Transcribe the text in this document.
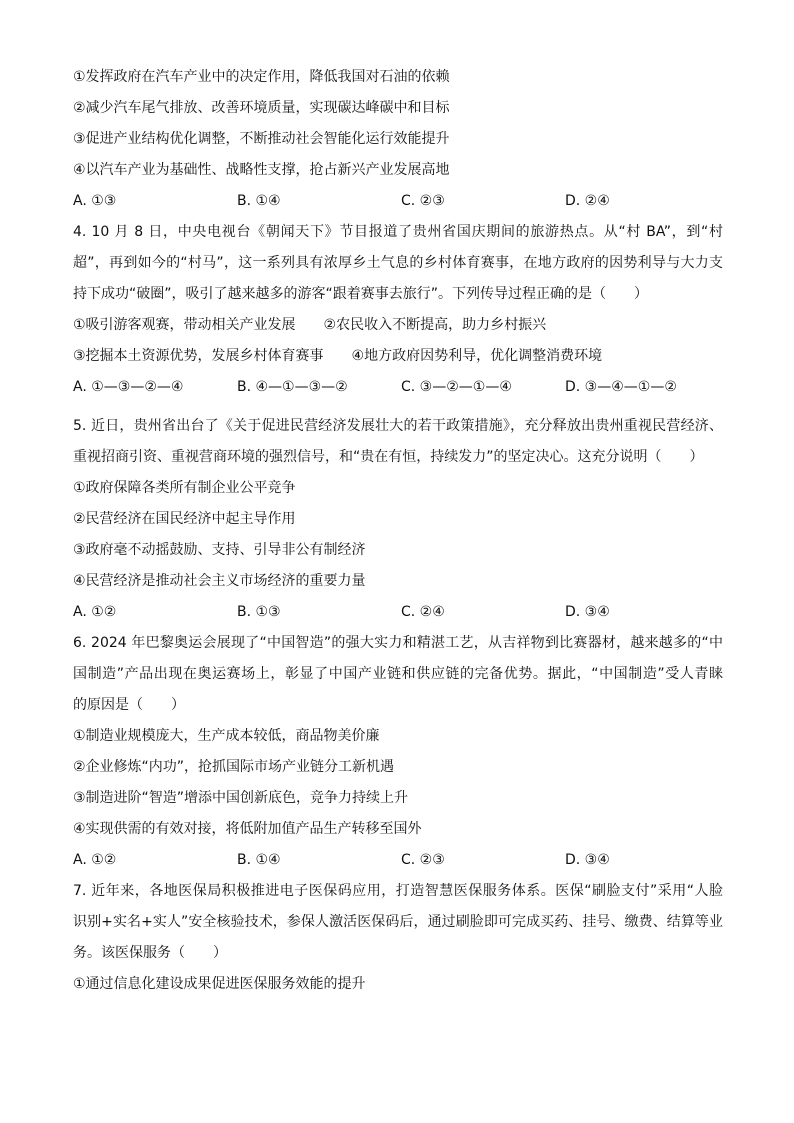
①发挥政府在汽车产业中的决定作用，降低我国对石油的依赖
②减少汽车尾气排放、改善环境质量，实现碳达峰碳中和目标
③促进产业结构优化调整，不断推动社会智能化运行效能提升
④以汽车产业为基础性、战略性支撑，抢占新兴产业发展高地
A. ①③	B. ①④	C. ②③	D. ②④
4. 10 月 8 日，中央电视台《朝闻天下》节目报道了贵州省国庆期间的旅游热点。从“村 BA”，到“村
超”，再到如今的“村马”，这一系列具有浓厚乡土气息的乡村体育赛事，在地方政府的因势利导与大力支
持下成功“破圈”，吸引了越来越多的游客“跟着赛事去旅行”。下列传导过程正确的是（　　）
①吸引游客观赛，带动相关产业发展　　②农民收入不断提高，助力乡村振兴
③挖掘本土资源优势，发展乡村体育赛事　　④地方政府因势利导，优化调整消费环境
A. ①—③—②—④	B. ④—①—③—②	C. ③—②—①—④	D. ③—④—①—②
5. 近日，贵州省出台了《关于促进民营经济发展壮大的若干政策措施》，充分释放出贵州重视民营经济、
重视招商引资、重视营商环境的强烈信号，和“贵在有恒，持续发力”的坚定决心。这充分说明（　　）
①政府保障各类所有制企业公平竞争
②民营经济在国民经济中起主导作用
③政府毫不动摇鼓励、支持、引导非公有制经济
④民营经济是推动社会主义市场经济的重要力量
A. ①②	B. ①③	C. ②④	D. ③④
6. 2024 年巴黎奥运会展现了“中国智造”的强大实力和精湛工艺，从吉祥物到比赛器材，越来越多的“中
国制造”产品出现在奥运赛场上，彰显了中国产业链和供应链的完备优势。据此，“中国制造”受人青睐
的原因是（　　）
①制造业规模庞大，生产成本较低，商品物美价廉
②企业修炼“内功”，抢抓国际市场产业链分工新机遇
③制造进阶“智造”增添中国创新底色，竞争力持续上升
④实现供需的有效对接，将低附加值产品生产转移至国外
A. ①②	B. ①④	C. ②③	D. ③④
7. 近年来，各地医保局积极推进电子医保码应用，打造智慧医保服务体系。医保“刷脸支付”采用“人脸
识别+实名+实人”安全核验技术，参保人激活医保码后，通过刷脸即可完成买药、挂号、缴费、结算等业
务。该医保服务（　　）
①通过信息化建设成果促进医保服务效能的提升
